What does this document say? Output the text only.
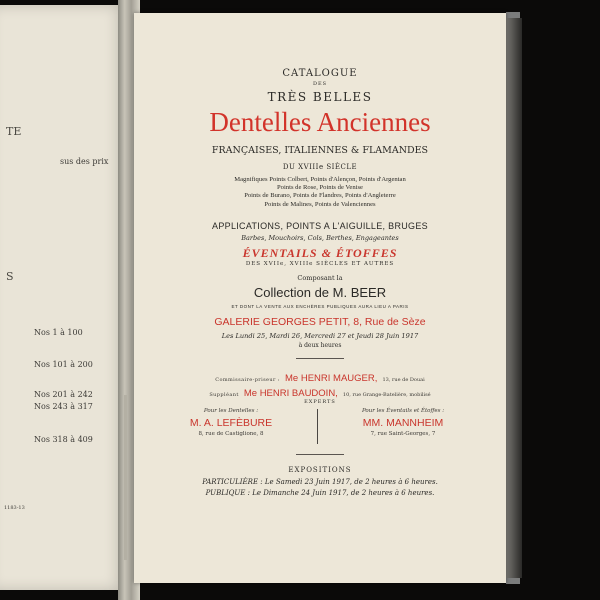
TE
sus des prix
S
Nos 1 à 100
Nos 101 à 200
Nos 201 à 242
Nos 243 à 317
Nos 318 à 409
1183-13
CATALOGUE
DES
TRÈS BELLES
Dentelles Anciennes
FRANÇAISES, ITALIENNES & FLAMANDES
DU XVIIIe SIÈCLE
Magnifiques Points Colbert, Points d'Alençon, Points d'Argentan
Points de Rose, Points de Venise
Points de Burano, Points de Flandres, Points d'Angleterre
Points de Malines, Points de Valenciennes
APPLICATIONS, POINTS A L'AIGUILLE, BRUGES
Barbes, Mouchoirs, Cols, Berthes, Engageantes
ÉVENTAILS & ÉTOFFES
DES XVIIe, XVIIIe SIÈCLES ET AUTRES
Composant la
Collection de M. BEER
ET DONT LA VENTE AUX ENCHÈRES PUBLIQUES AURA LIEU A PARIS
GALERIE GEORGES PETIT, 8, Rue de Sèze
Les Lundi 25, Mardi 26, Mercredi 27 et Jeudi 28 Juin 1917
à deux heures
Commissaire-priseur : Me HENRI MAUGER, 13, rue de Douai
Suppléant Me HENRI BAUDOIN, 10, rue Grange-Batelière, mobilisé
EXPERTS
Pour les Dentelles :
M. A. LEFÈBURE
8, rue de Castiglione, 8
Pour les Éventails et Étoffes :
MM. MANNHEIM
7, rue Saint-Georges, 7
EXPOSITIONS
PARTICULIÈRE : Le Samedi 23 Juin 1917, de 2 heures à 6 heures.
PUBLIQUE : Le Dimanche 24 Juin 1917, de 2 heures à 6 heures.
